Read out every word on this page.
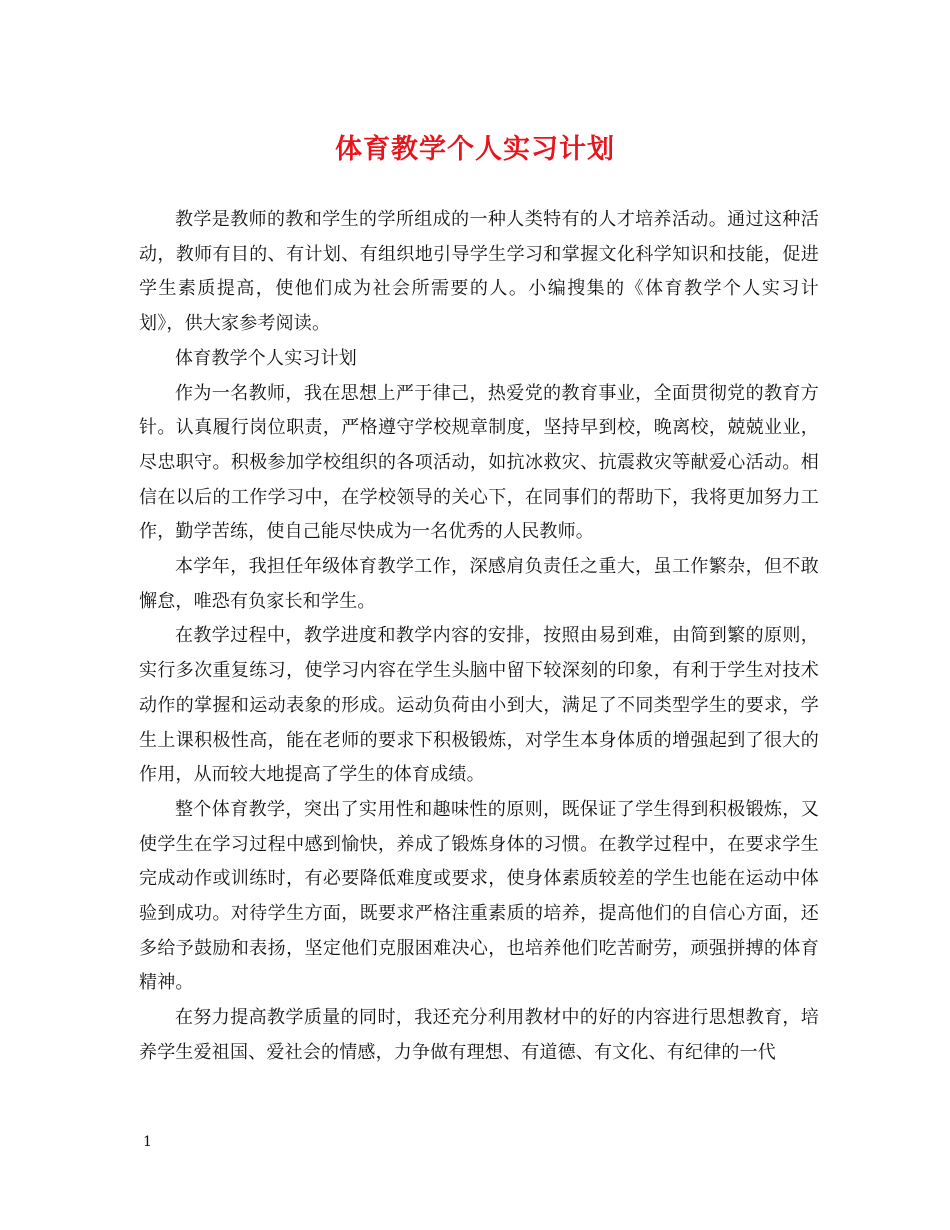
体育教学个人实习计划

教学是教师的教和学生的学所组成的一种人类特有的人才培养活动。通过这种活动，教师有目的、有计划、有组织地引导学生学习和掌握文化科学知识和技能，促进学生素质提高，使他们成为社会所需要的人。小编搜集的《体育教学个人实习计划》，供大家参考阅读。

体育教学个人实习计划

作为一名教师，我在思想上严于律己，热爱党的教育事业，全面贯彻党的教育方针。认真履行岗位职责，严格遵守学校规章制度，坚持早到校，晚离校，兢兢业业，尽忠职守。积极参加学校组织的各项活动，如抗冰救灾、抗震救灾等献爱心活动。相信在以后的工作学习中，在学校领导的关心下，在同事们的帮助下，我将更加努力工作，勤学苦练，使自己能尽快成为一名优秀的人民教师。

本学年，我担任年级体育教学工作，深感肩负责任之重大，虽工作繁杂，但不敢懈怠，唯恐有负家长和学生。

在教学过程中，教学进度和教学内容的安排，按照由易到难，由简到繁的原则，实行多次重复练习，使学习内容在学生头脑中留下较深刻的印象，有利于学生对技术动作的掌握和运动表象的形成。运动负荷由小到大，满足了不同类型学生的要求，学生上课积极性高，能在老师的要求下积极锻炼，对学生本身体质的增强起到了很大的作用，从而较大地提高了学生的体育成绩。

整个体育教学，突出了实用性和趣味性的原则，既保证了学生得到积极锻炼，又使学生在学习过程中感到愉快，养成了锻炼身体的习惯。在教学过程中，在要求学生完成动作或训练时，有必要降低难度或要求，使身体素质较差的学生也能在运动中体验到成功。对待学生方面，既要求严格注重素质的培养，提高他们的自信心方面，还多给予鼓励和表扬，坚定他们克服困难决心，也培养他们吃苦耐劳，顽强拼搏的体育精神。

在努力提高教学质量的同时，我还充分利用教材中的好的内容进行思想教育，培养学生爱祖国、爱社会的情感，力争做有理想、有道德、有文化、有纪律的一代

1
